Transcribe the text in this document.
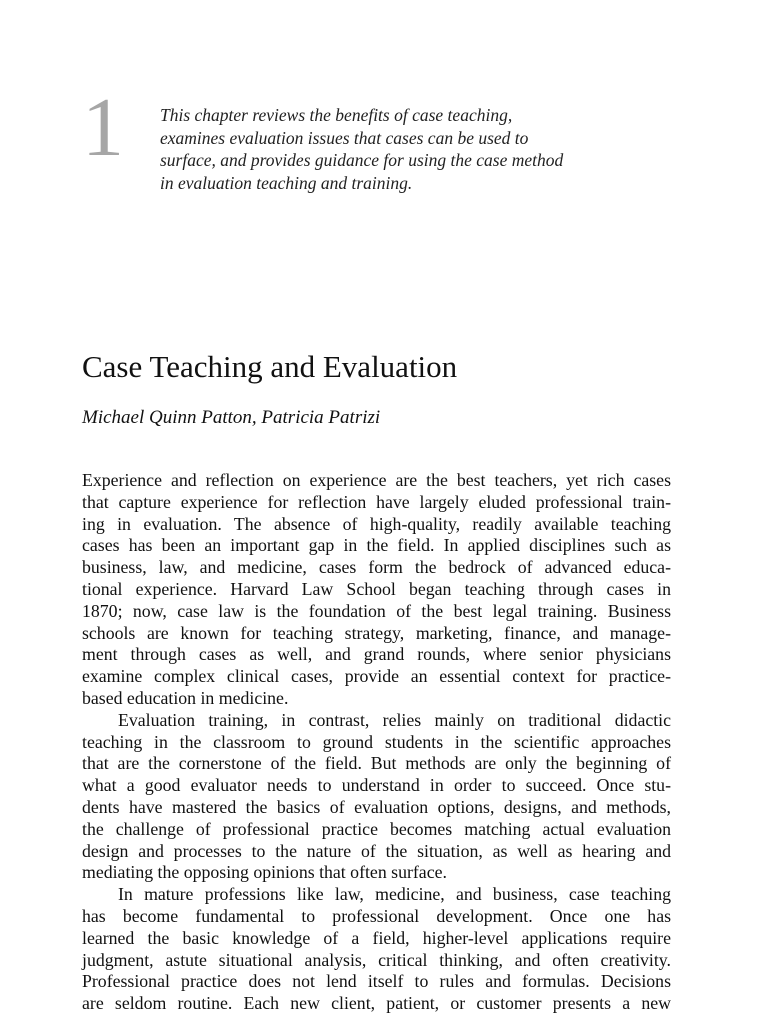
1 This chapter reviews the benefits of case teaching,
examines evaluation issues that cases can be used to
surface, and provides guidance for using the case method
in evaluation teaching and training.
Case Teaching and Evaluation

Michael Quinn Patton, Patricia Patrizi

Experience and reflection on experience are the best teachers, yet rich cases
that capture experience for reflection have largely eluded professional train-
ing in evaluation. The absence of high-quality, readily available teaching
cases has been an important gap in the field. In applied disciplines such as
business, law, and medicine, cases form the bedrock of advanced educa-
tional experience. Harvard Law School began teaching through cases in
1870; now, case law is the foundation of the best legal training. Business
schools are known for teaching strategy, marketing, finance, and manage-
ment through cases as well, and grand rounds, where senior physicians
examine complex clinical cases, provide an essential context for practice-
based education in medicine.
Evaluation training, in contrast, relies mainly on traditional didactic
teaching in the classroom to ground students in the scientific approaches
that are the cornerstone of the field. But methods are only the beginning of
what a good evaluator needs to understand in order to succeed. Once stu-
dents have mastered the basics of evaluation options, designs, and methods,
the challenge of professional practice becomes matching actual evaluation
design and processes to the nature of the situation, as well as hearing and
mediating the opposing opinions that often surface.
In mature professions like law, medicine, and business, case teaching
has become fundamental to professional development. Once one has
learned the basic knowledge of a field, higher-level applications require
judgment, astute situational analysis, critical thinking, and often creativity.
Professional practice does not lend itself to rules and formulas. Decisions
are seldom routine. Each new client, patient, or customer presents a new
